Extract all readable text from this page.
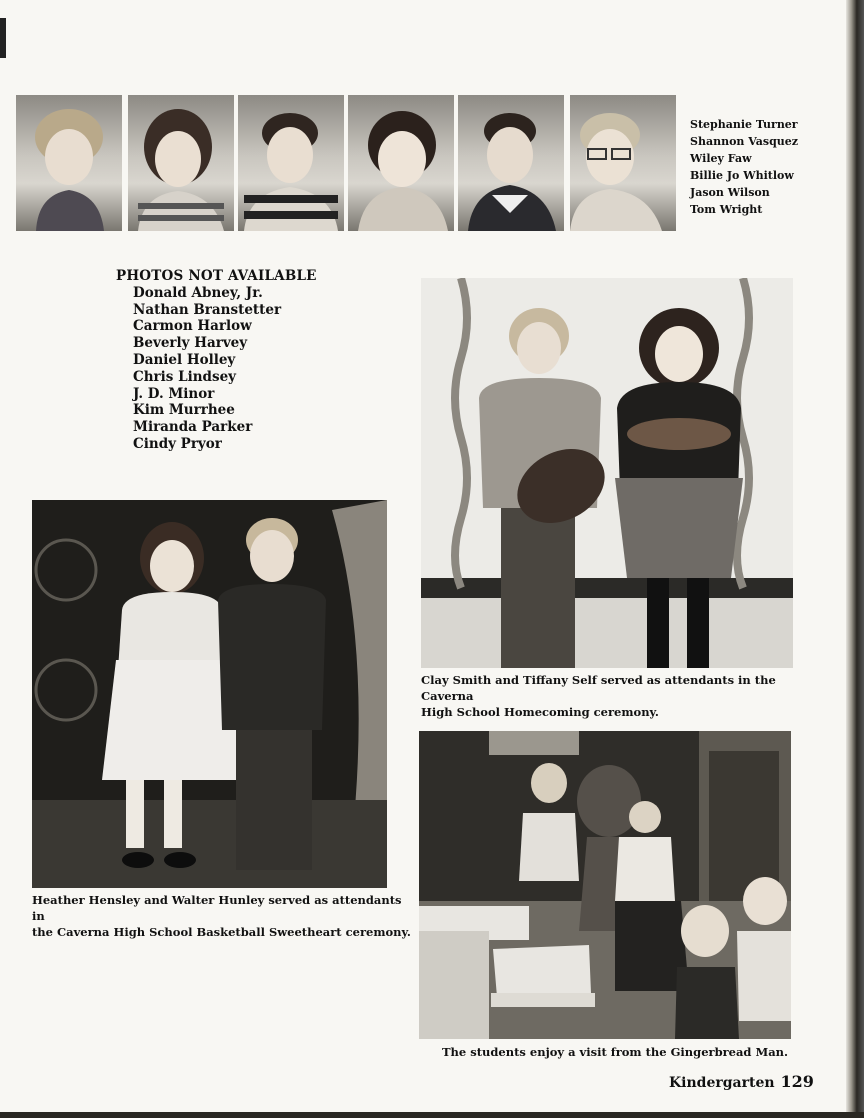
Stephanie Turner
Shannon Vasquez
Wiley Faw
Billie Jo Whitlow
Jason Wilson
Tom Wright
PHOTOS NOT AVAILABLE
Donald Abney, Jr.
Nathan Branstetter
Carmon Harlow
Beverly Harvey
Daniel Holley
Chris Lindsey
J. D. Minor
Kim Murrhee
Miranda Parker
Cindy Pryor
Clay Smith and Tiffany Self served as attendants in the Caverna
High School Homecoming ceremony.
Heather Hensley and Walter Hunley served as attendants in
the Caverna High School Basketball Sweetheart ceremony.
The students enjoy a visit from the Gingerbread Man.
Kindergarten 129
